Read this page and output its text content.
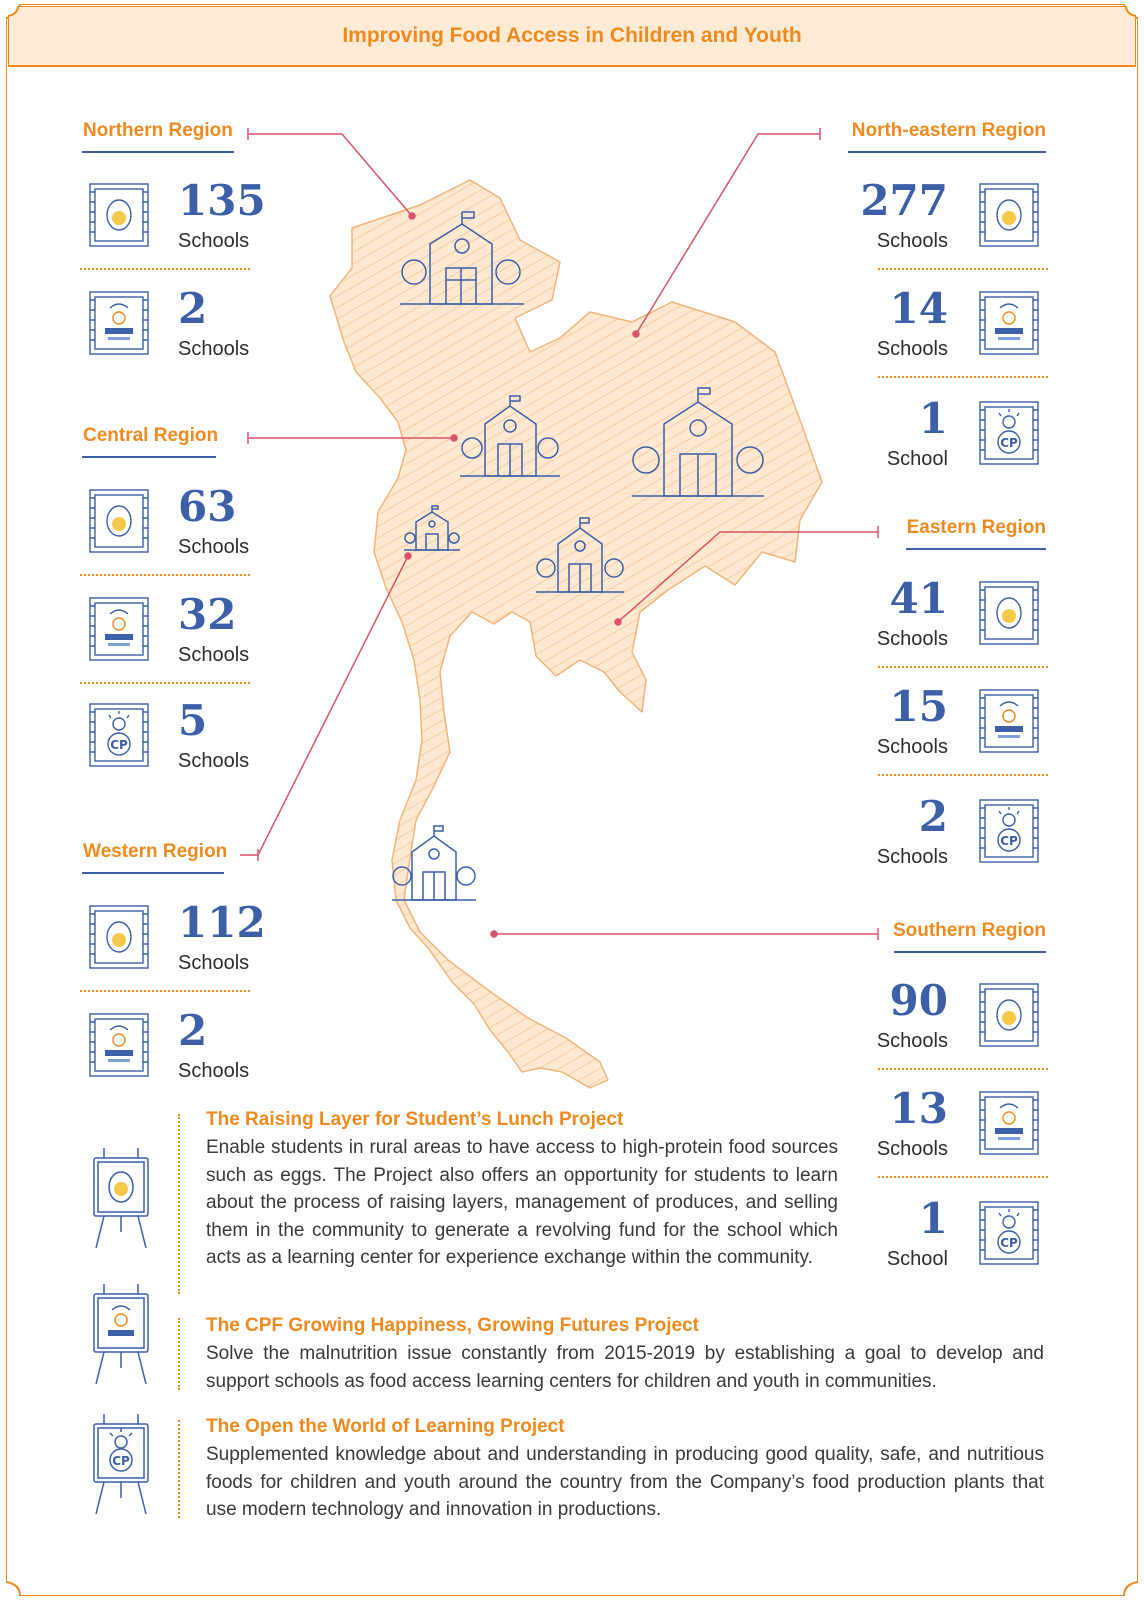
Improving Food Access in Children and Youth
Northern Region
135
Schools
2
Schools
Central Region
63
Schools
32
Schools
CP 5
Schools
Western Region
112
Schools
2
Schools
North-eastern Region
277
Schools
14
Schools
CP
1
School
Eastern Region
41
Schools
15
Schools
CP
2
Schools
Southern Region
90
Schools
13
Schools
CP
1
School
CP
The Raising Layer for Student’s Lunch Project
Enable students in rural areas to have access to high-protein food sources such as eggs. The Project also offers an opportunity for students to learn about the process of raising layers, management of produces, and selling them in the community to generate a revolving fund for the school which acts as a learning center for experience exchange within the community.
The CPF Growing Happiness, Growing Futures Project
Solve the malnutrition issue constantly from 2015-2019 by establishing a goal to develop and support schools as food access learning centers for children and youth in communities.
The Open the World of Learning Project
Supplemented knowledge about and understanding in producing good quality, safe, and nutritious foods for children and youth around the country from the Company’s food production plants that use modern technology and innovation in productions.
